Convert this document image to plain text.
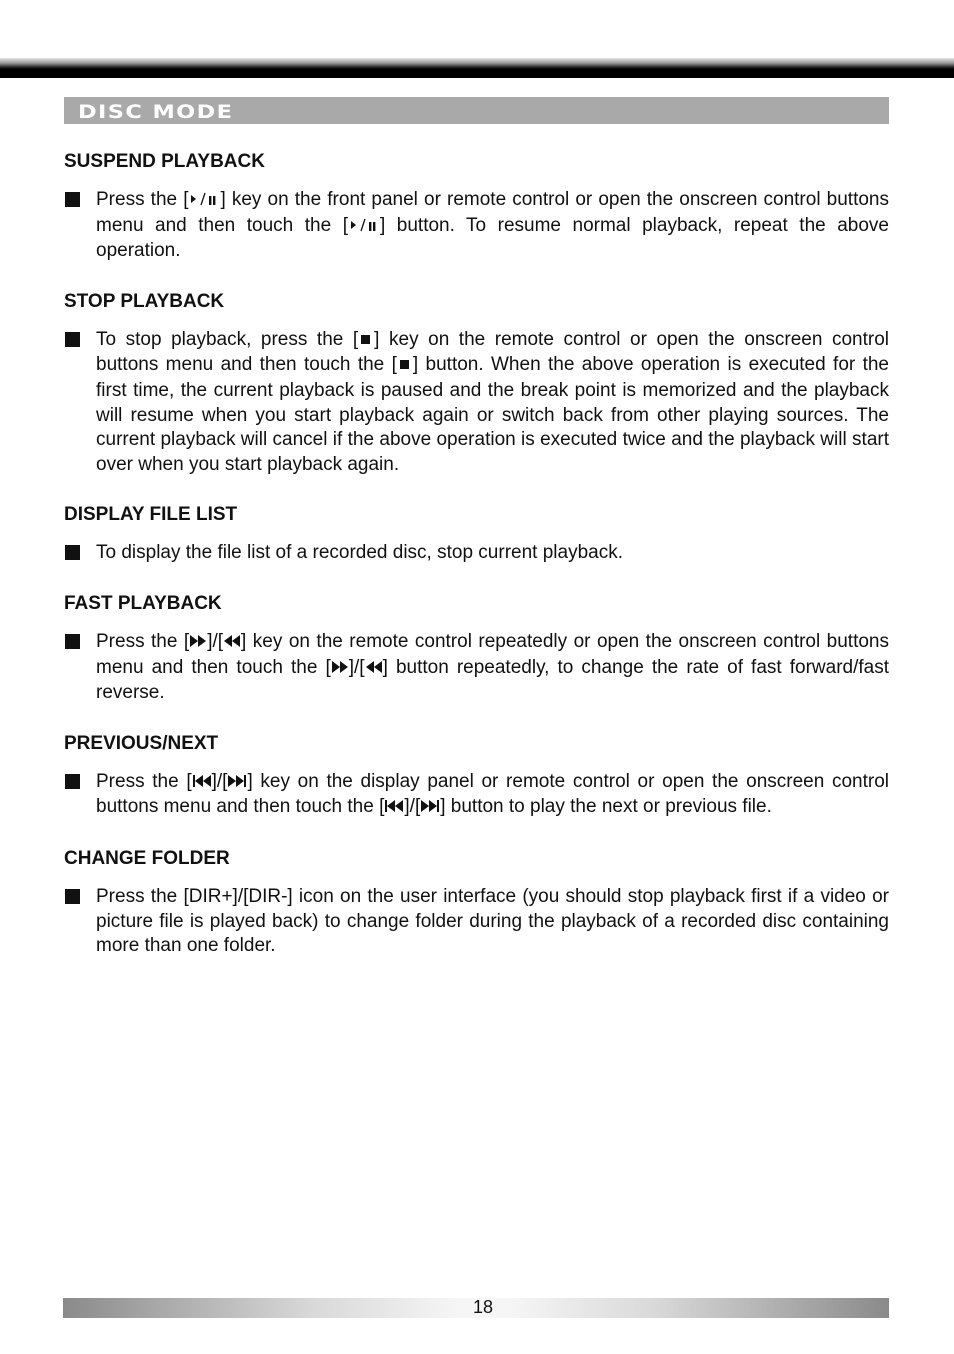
DISC MODE
SUSPEND PLAYBACK
Press the [ ] key on the front panel or remote control or open the onscreen control buttons menu and then touch the [ ] button. To resume normal playback, repeat the above operation.
STOP PLAYBACK
To stop playback, press the [ ] key on the remote control or open the onscreen control buttons menu and then touch the [ ] button. When the above operation is executed for the first time, the current playback is paused and the break point is memorized and the playback will resume when you start playback again or switch back from other playing sources. The current playback will cancel if the above operation is executed twice and the playback will start over when you start playback again.
DISPLAY FILE LIST
To display the file list of a recorded disc, stop current playback.
FAST PLAYBACK
Press the [ ]/[ ] key on the remote control repeatedly or open the onscreen control buttons menu and then touch the [ ]/[ ] button repeatedly, to change the rate of fast forward/fast reverse.
PREVIOUS/NEXT
Press the [ ]/[ ] key on the display panel or remote control or open the onscreen control buttons menu and then touch the [ ]/[ ] button to play the next or previous file.
CHANGE FOLDER
Press the [DIR+]/[DIR-] icon on the user interface (you should stop playback first if a video or picture file is played back) to change folder during the playback of a recorded disc containing more than one folder.
18
